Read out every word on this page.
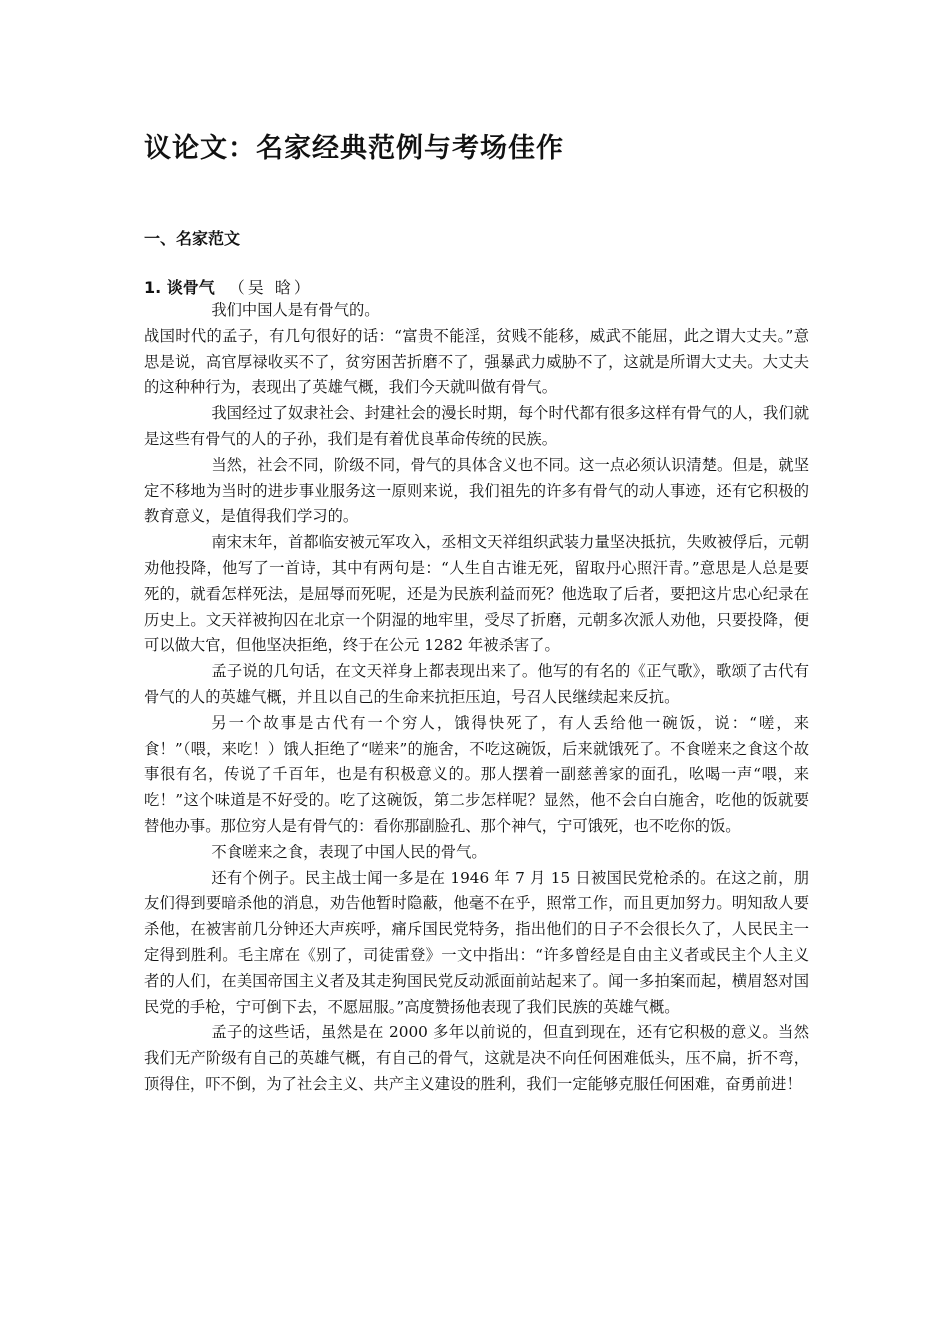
议论文：名家经典范例与考场佳作
一、名家范文
1. 谈骨气 （吴 晗）

我们中国人是有骨气的。

战国时代的孟子，有几句很好的话：“富贵不能淫，贫贱不能移，威武不能屈，此之谓大丈夫。”意思是说，高官厚禄收买不了，贫穷困苦折磨不了，强暴武力威胁不了，这就是所谓大丈夫。大丈夫的这种种行为，表现出了英雄气概，我们今天就叫做有骨气。

我国经过了奴隶社会、封建社会的漫长时期，每个时代都有很多这样有骨气的人，我们就是这些有骨气的人的子孙，我们是有着优良革命传统的民族。

当然，社会不同，阶级不同，骨气的具体含义也不同。这一点必须认识清楚。但是，就坚定不移地为当时的进步事业服务这一原则来说，我们祖先的许多有骨气的动人事迹，还有它积极的教育意义，是值得我们学习的。

南宋末年，首都临安被元军攻入，丞相文天祥组织武装力量坚决抵抗，失败被俘后，元朝劝他投降，他写了一首诗，其中有两句是：“人生自古谁无死，留取丹心照汗青。”意思是人总是要死的，就看怎样死法，是屈辱而死呢，还是为民族利益而死？他选取了后者，要把这片忠心纪录在历史上。文天祥被拘囚在北京一个阴湿的地牢里，受尽了折磨，元朝多次派人劝他，只要投降，便可以做大官，但他坚决拒绝，终于在公元 1282 年被杀害了。

孟子说的几句话，在文天祥身上都表现出来了。他写的有名的《正气歌》，歌颂了古代有骨气的人的英雄气概，并且以自己的生命来抗拒压迫，号召人民继续起来反抗。

另一个故事是古代有一个穷人，饿得快死了，有人丢给他一碗饭，说：“嗟，来食！”（喂，来吃！）饿人拒绝了“嗟来”的施舍，不吃这碗饭，后来就饿死了。不食嗟来之食这个故事很有名，传说了千百年，也是有积极意义的。那人摆着一副慈善家的面孔，吆喝一声“喂，来吃！”这个味道是不好受的。吃了这碗饭，第二步怎样呢？显然，他不会白白施舍，吃他的饭就要替他办事。那位穷人是有骨气的：看你那副脸孔、那个神气，宁可饿死，也不吃你的饭。

不食嗟来之食，表现了中国人民的骨气。

还有个例子。民主战士闻一多是在 1946 年 7 月 15 日被国民党枪杀的。在这之前，朋友们得到要暗杀他的消息，劝告他暂时隐蔽，他毫不在乎，照常工作，而且更加努力。明知敌人要杀他，在被害前几分钟还大声疾呼，痛斥国民党特务，指出他们的日子不会很长久了，人民民主一定得到胜利。毛主席在《别了，司徒雷登》一文中指出：“许多曾经是自由主义者或民主个人主义者的人们，在美国帝国主义者及其走狗国民党反动派面前站起来了。闻一多拍案而起，横眉怒对国民党的手枪，宁可倒下去，不愿屈服。”高度赞扬他表现了我们民族的英雄气概。

孟子的这些话，虽然是在 2000 多年以前说的，但直到现在，还有它积极的意义。当然我们无产阶级有自己的英雄气概，有自己的骨气，这就是决不向任何困难低头，压不扁，折不弯，顶得住，吓不倒，为了社会主义、共产主义建设的胜利，我们一定能够克服任何困难，奋勇前进！
